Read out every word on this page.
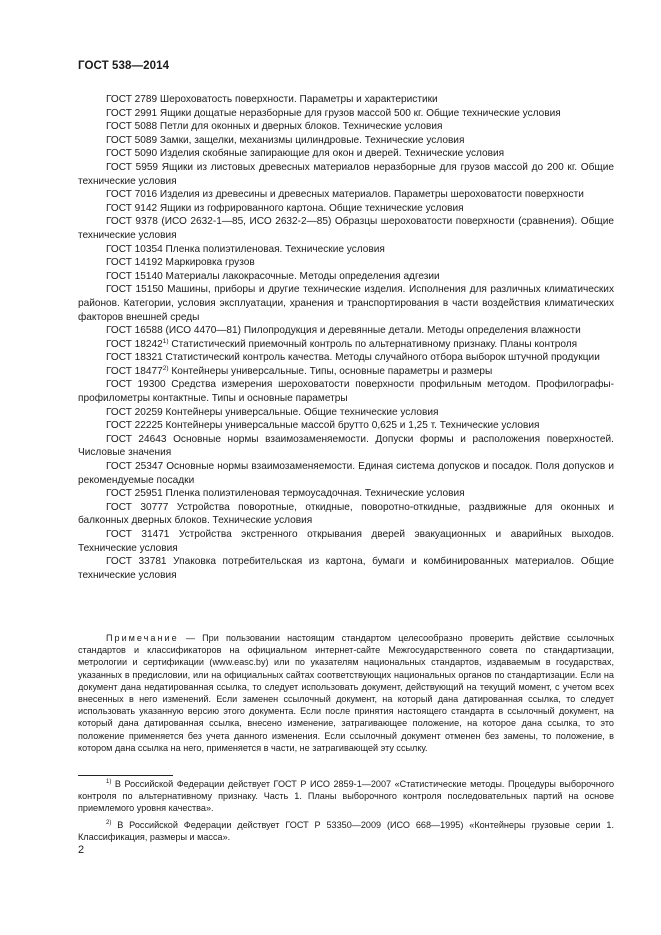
ГОСТ 538—2014

ГОСТ 2789 Шероховатость поверхности. Параметры и характеристики

ГОСТ 2991 Ящики дощатые неразборные для грузов массой 500 кг. Общие технические условия

ГОСТ 5088 Петли для оконных и дверных блоков. Технические условия

ГОСТ 5089 Замки, защелки, механизмы цилиндровые. Технические условия

ГОСТ 5090 Изделия скобяные запирающие для окон и дверей. Технические условия

ГОСТ 5959 Ящики из листовых древесных материалов неразборные для грузов массой до 200 кг. Общие технические условия

ГОСТ 7016 Изделия из древесины и древесных материалов. Параметры шероховатости поверхности

ГОСТ 9142 Ящики из гофрированного картона. Общие технические условия

ГОСТ 9378 (ИСО 2632-1—85, ИСО 2632-2—85) Образцы шероховатости поверхности (сравнения). Общие технические условия

ГОСТ 10354 Пленка полиэтиленовая. Технические условия

ГОСТ 14192 Маркировка грузов

ГОСТ 15140 Материалы лакокрасочные. Методы определения адгезии

ГОСТ 15150 Машины, приборы и другие технические изделия. Исполнения для различных климатических районов. Категории, условия эксплуатации, хранения и транспортирования в части воздействия климатических факторов внешней среды

ГОСТ 16588 (ИСО 4470—81) Пилопродукция и деревянные детали. Методы определения влажности

ГОСТ 18242$^{1)}$ Статистический приемочный контроль по альтернативному признаку. Планы контроля

ГОСТ 18321 Статистический контроль качества. Методы случайного отбора выборок штучной продукции

ГОСТ 18477$^{2)}$ Контейнеры универсальные. Типы, основные параметры и размеры

ГОСТ 19300 Средства измерения шероховатости поверхности профильным методом. Профилографы-профилометры контактные. Типы и основные параметры

ГОСТ 20259 Контейнеры универсальные. Общие технические условия

ГОСТ 22225 Контейнеры универсальные массой брутто 0,625 и 1,25 т. Технические условия

ГОСТ 24643 Основные нормы взаимозаменяемости. Допуски формы и расположения поверхностей. Числовые значения

ГОСТ 25347 Основные нормы взаимозаменяемости. Единая система допусков и посадок. Поля допусков и рекомендуемые посадки

ГОСТ 25951 Пленка полиэтиленовая термоусадочная. Технические условия

ГОСТ 30777 Устройства поворотные, откидные, поворотно-откидные, раздвижные для оконных и балконных дверных блоков. Технические условия

ГОСТ 31471 Устройства экстренного открывания дверей эвакуационных и аварийных выходов. Технические условия

ГОСТ 33781 Упаковка потребительская из картона, бумаги и комбинированных материалов. Общие технические условия

Примечание — При пользовании настоящим стандартом целесообразно проверить действие ссылочных стандартов и классификаторов на официальном интернет-сайте Межгосударственного совета по стандартизации, метрологии и сертификации (www.easc.by) или по указателям национальных стандартов, издаваемым в государствах, указанных в предисловии, или на официальных сайтах соответствующих национальных органов по стандартизации. Если на документ дана недатированная ссылка, то следует использовать документ, действующий на текущий момент, с учетом всех внесенных в него изменений. Если заменен ссылочный документ, на который дана датированная ссылка, то следует использовать указанную версию этого документа. Если после принятия настоящего стандарта в ссылочный документ, на который дана датированная ссылка, внесено изменение, затрагивающее положение, на которое дана ссылка, то это положение применяется без учета данного изменения. Если ссылочный документ отменен без замены, то положение, в котором дана ссылка на него, применяется в части, не затрагивающей эту ссылку.

$^{1)}$ В Российской Федерации действует ГОСТ Р ИСО 2859-1—2007 «Статистические методы. Процедуры выборочного контроля по альтернативному признаку. Часть 1. Планы выборочного контроля последовательных партий на основе приемлемого уровня качества».

$^{2)}$ В Российской Федерации действует ГОСТ Р 53350—2009 (ИСО 668—1995) «Контейнеры грузовые серии 1. Классификация, размеры и масса».

2
